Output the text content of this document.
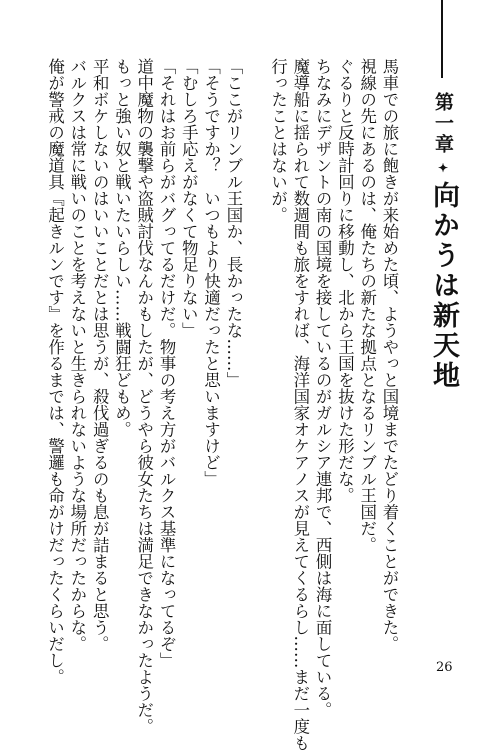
第一章✦向かうは新天地

馬車での旅に飽きが来始めた頃、ようやっと国境までたどり着くことができた。

視線の先にあるのは、俺たちの新たな拠点となるリンブル王国だ。

ぐるりと反時計回りに移動し、北から王国を抜けた形だな。

ちなみにデザントの南の国境を接しているのがガルシア連邦で、西側は海に面している。

魔導船に揺られて数週間も旅をすれば、海洋国家オケアノスが見えてくるらし……まだ一度も

行ったことはないが。

「ここがリンブル王国か、長かったな……」

「そうですか？　いつもより快適だったと思いますけど」

「むしろ手応えがなくて物足りない」

「それはお前らがバグってるだけだ。物事の考え方がバルクス基準になってるぞ」

道中魔物の襲撃や盗賊討伐なんかもしたが、どうやら彼女たちは満足できなかったようだ。

もっと強い奴と戦いたいらしい……戦闘狂どもめ。

平和ボケしないのはいいことだとは思うが、殺伐過ぎるのも息が詰まると思う。

バルクスは常に戦いのことを考えないと生きられないような場所だったからな。

俺が警戒の魔道具『起きルンです』を作るまでは、警邏も命がけだったくらいだし。	26
